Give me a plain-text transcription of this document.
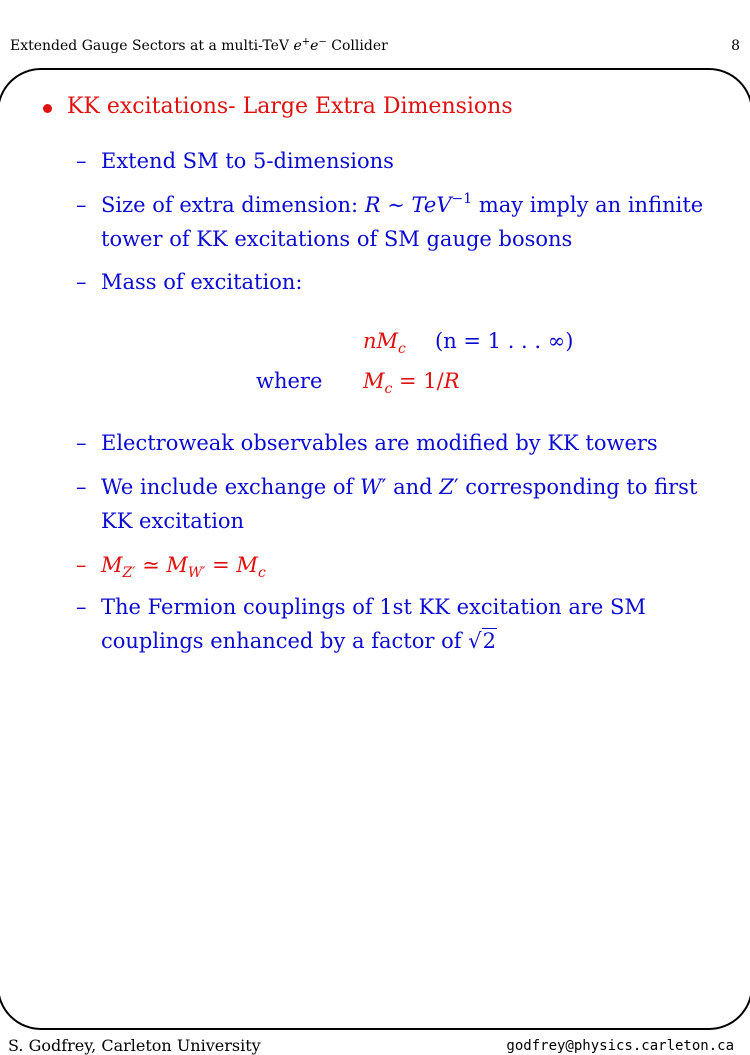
Extended Gauge Sectors at a multi-TeV e+e− Collider	8
KK excitations- Large Extra Dimensions
– Extend SM to 5-dimensions
– Size of extra dimension: R ∼ TeV$^{-1}$ may imply an infinite
tower of KK excitations of SM gauge bosons
– Mass of excitation:
$nM_c$ (n = 1 . . . ∞)
where $M_c = 1/R$
– Electroweak observables are modified by KK towers
– We include exchange of W′ and Z′ corresponding to first
KK excitation
– $M_{Z'}$ ≃ $M_{W'} = M_c$
– The Fermion couplings of 1st KK excitation are SM
couplings enhanced by a factor of √2
S. Godfrey, Carleton University	godfrey@physics.carleton.ca
